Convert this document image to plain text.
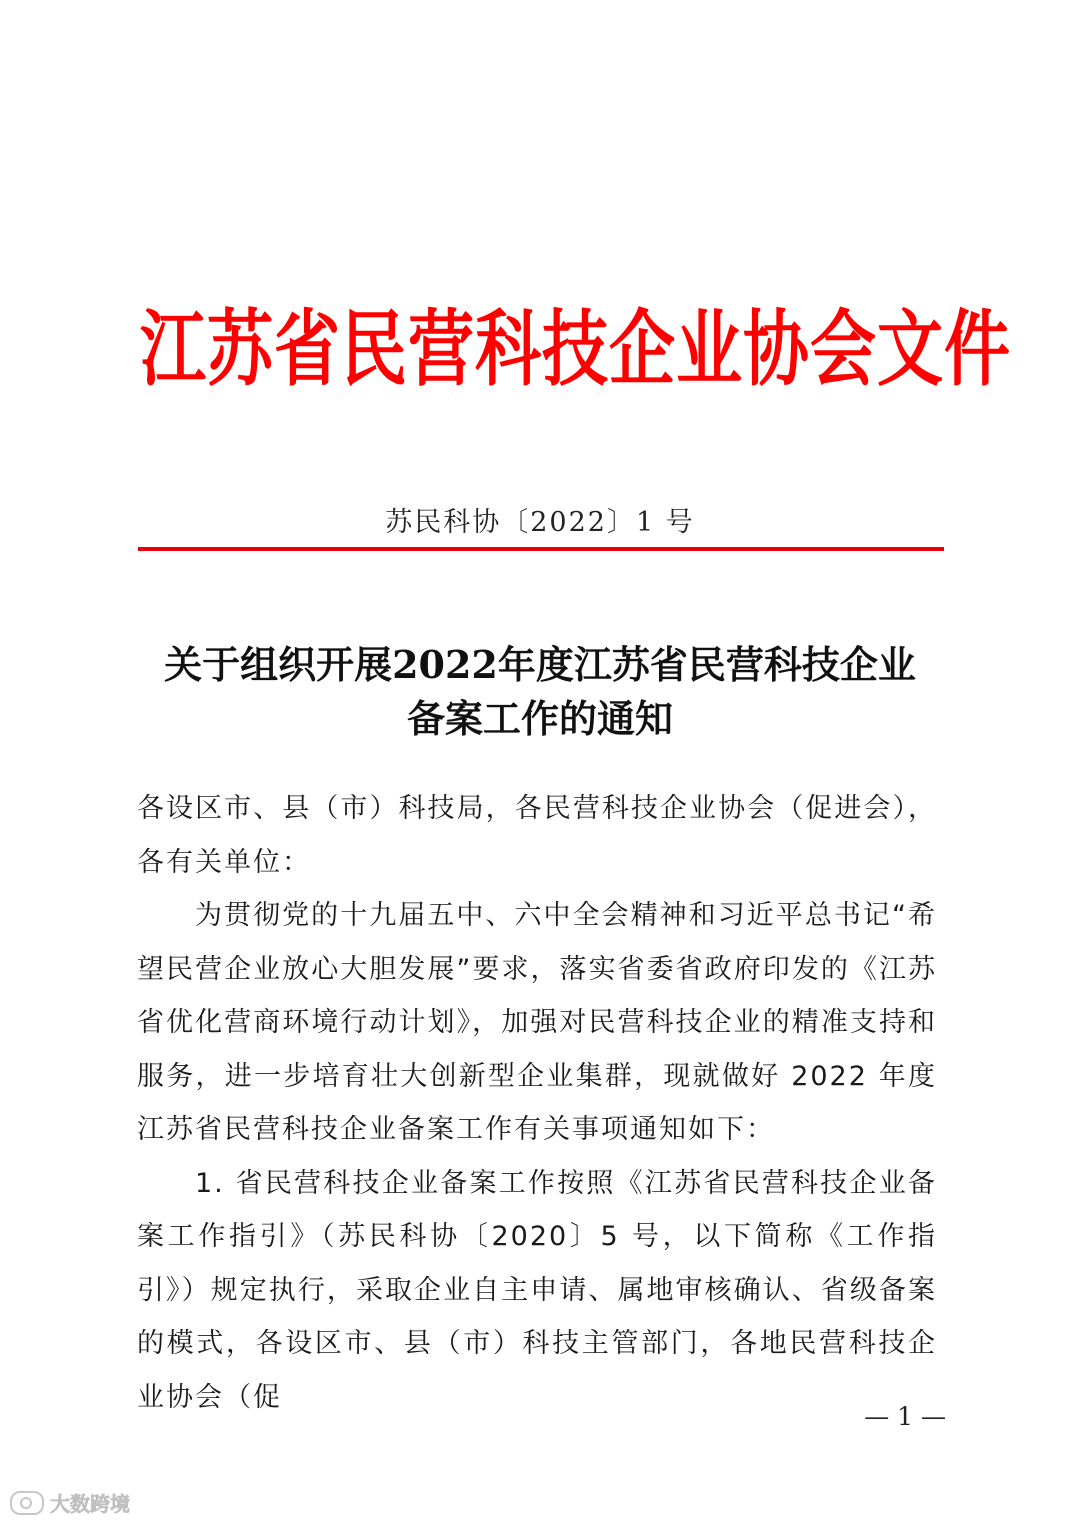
江苏省民营科技企业协会文件
苏民科协〔2022〕1 号
关于组织开展2022年度江苏省民营科技企业
备案工作的通知

各设区市、县（市）科技局，各民营科技企业协会（促进会），各有关单位：

为贯彻党的十九届五中、六中全会精神和习近平总书记“希望民营企业放心大胆发展”要求，落实省委省政府印发的《江苏省优化营商环境行动计划》，加强对民营科技企业的精准支持和服务，进一步培育壮大创新型企业集群，现就做好 2022 年度江苏省民营科技企业备案工作有关事项通知如下：

1. 省民营科技企业备案工作按照《江苏省民营科技企业备案工作指引》（苏民科协〔2020〕5 号，以下简称《工作指引》）规定执行，采取企业自主申请、属地审核确认、省级备案的模式，各设区市、县（市）科技主管部门，各地民营科技企业协会（促

— 1 —
大数跨境
